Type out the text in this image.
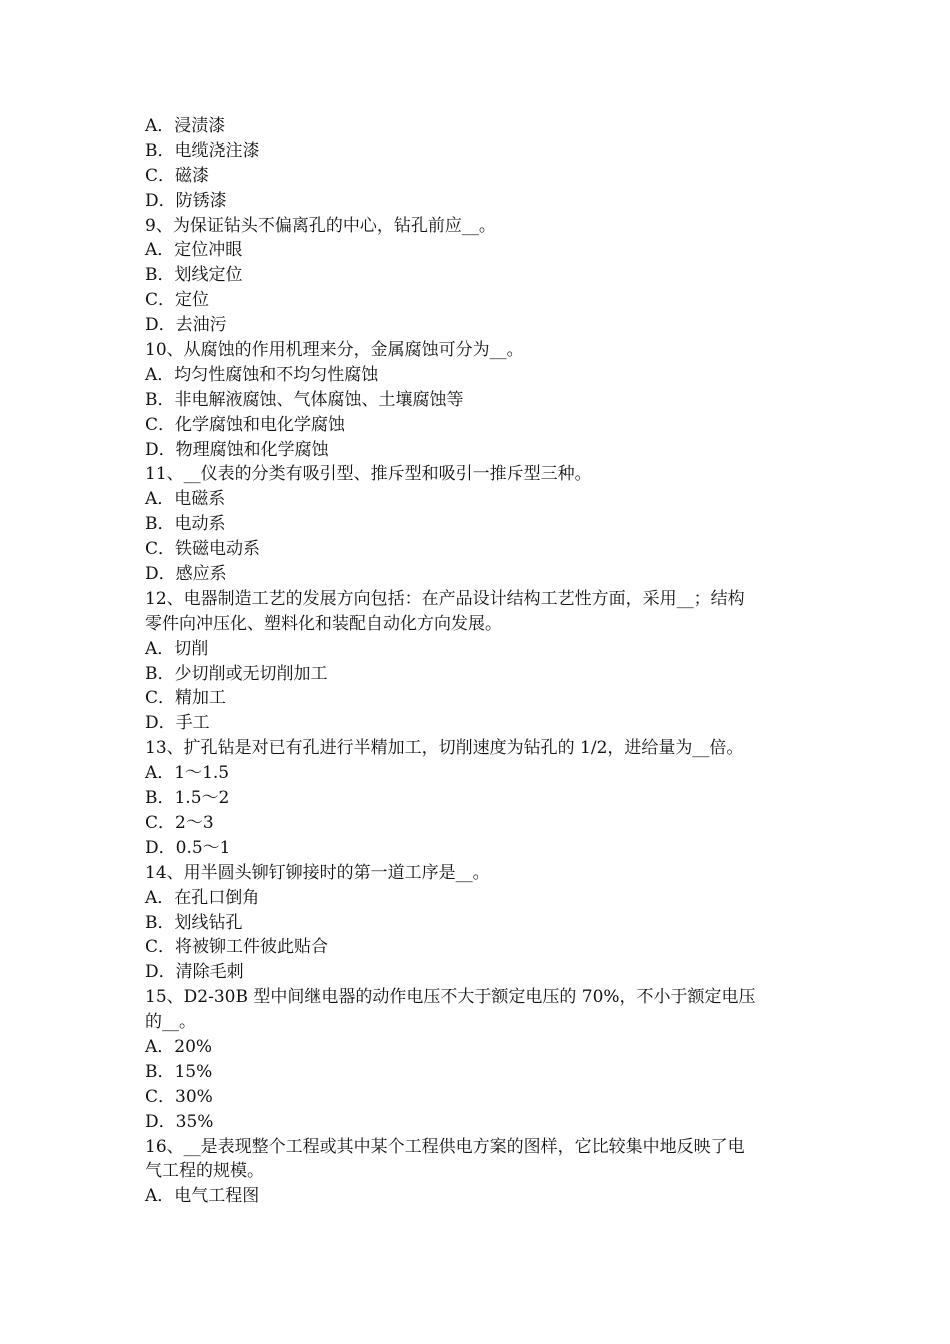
A．浸渍漆
B．电缆浇注漆
C．磁漆
D．防锈漆
9、为保证钻头不偏离孔的中心，钻孔前应__。
A．定位冲眼
B．划线定位
C．定位
D．去油污
10、从腐蚀的作用机理来分，金属腐蚀可分为__。
A．均匀性腐蚀和不均匀性腐蚀
B．非电解液腐蚀、气体腐蚀、土壤腐蚀等
C．化学腐蚀和电化学腐蚀
D．物理腐蚀和化学腐蚀
11、__仪表的分类有吸引型、推斥型和吸引一推斥型三种。
A．电磁系
B．电动系
C．铁磁电动系
D．感应系
12、电器制造工艺的发展方向包括：在产品设计结构工艺性方面，采用__；结构
零件向冲压化、塑料化和装配自动化方向发展。
A．切削
B．少切削或无切削加工
C．精加工
D．手工
13、扩孔钻是对已有孔进行半精加工，切削速度为钻孔的 1/2，进给量为__倍。
A．1～1.5
B．1.5～2
C．2～3
D．0.5～1
14、用半圆头铆钉铆接时的第一道工序是__。
A．在孔口倒角
B．划线钻孔
C．将被铆工件彼此贴合
D．清除毛刺
15、D2-30B 型中间继电器的动作电压不大于额定电压的 70%，不小于额定电压
的__。
A．20%
B．15%
C．30%
D．35%
16、__是表现整个工程或其中某个工程供电方案的图样，它比较集中地反映了电
气工程的规模。
A．电气工程图
